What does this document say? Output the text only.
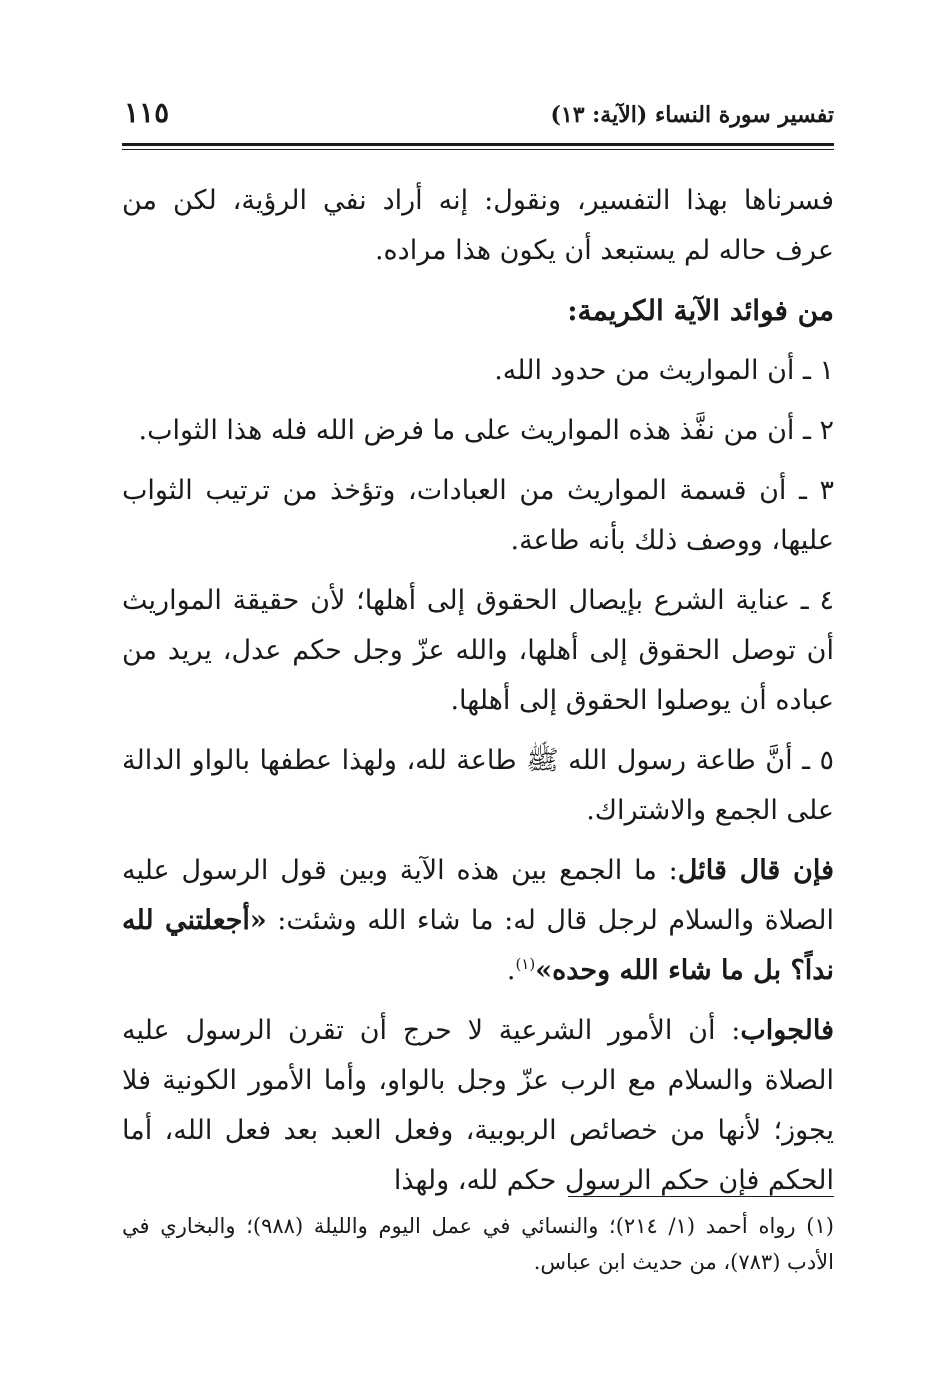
تفسير سورة النساء (الآية: ١٣)
١١٥

فسرناها بهذا التفسير، ونقول: إنه أراد نفي الرؤية، لكن من عرف حاله لم يستبعد أن يكون هذا مراده.

من فوائد الآية الكريمة:

١ ـ أن المواريث من حدود الله.

٢ ـ أن من نفَّذ هذه المواريث على ما فرض الله فله هذا الثواب.

٣ ـ أن قسمة المواريث من العبادات، وتؤخذ من ترتيب الثواب عليها، ووصف ذلك بأنه طاعة.

٤ ـ عناية الشرع بإيصال الحقوق إلى أهلها؛ لأن حقيقة المواريث أن توصل الحقوق إلى أهلها، والله عزّ وجل حكم عدل، يريد من عباده أن يوصلوا الحقوق إلى أهلها.

٥ ـ أنَّ طاعة رسول الله ﷺ طاعة لله، ولهذا عطفها بالواو الدالة على الجمع والاشتراك.

فإن قال قائل: ما الجمع بين هذه الآية وبين قول الرسول عليه الصلاة والسلام لرجل قال له: ما شاء الله وشئت: «أجعلتني لله نداً؟ بل ما شاء الله وحده»$^{(١)}$.

فالجواب: أن الأمور الشرعية لا حرج أن تقرن الرسول عليه الصلاة والسلام مع الرب عزّ وجل بالواو، وأما الأمور الكونية فلا يجوز؛ لأنها من خصائص الربوبية، وفعل العبد بعد فعل الله، أما الحكم فإن حكم الرسول حكم لله، ولهذا

(١) رواه أحمد (١/ ٢١٤)؛ والنسائي في عمل اليوم والليلة (٩٨٨)؛ والبخاري في الأدب (٧٨٣)، من حديث ابن عباس.
